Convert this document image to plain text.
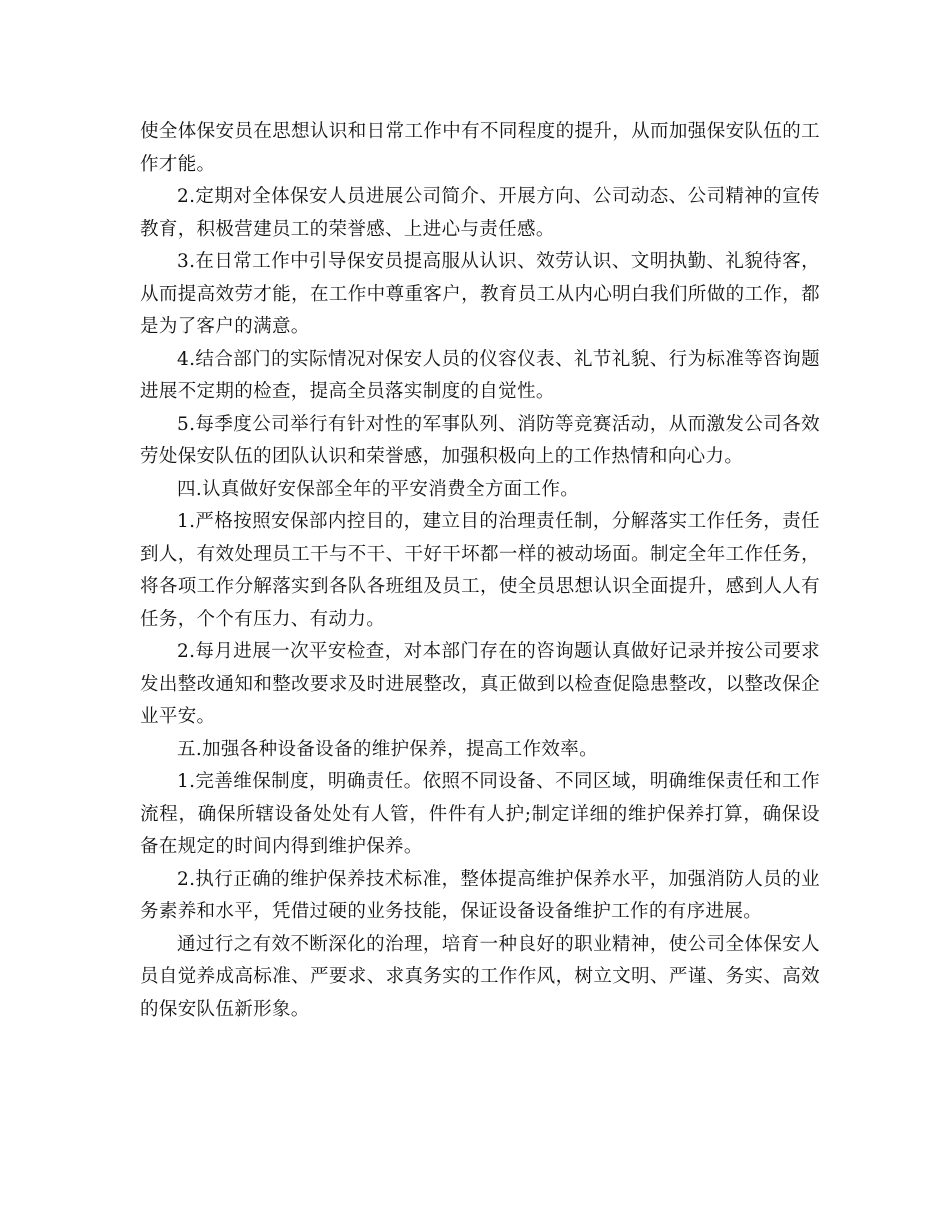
使全体保安员在思想认识和日常工作中有不同程度的提升，从而加强保安队伍的工作才能。

2.定期对全体保安人员进展公司简介、开展方向、公司动态、公司精神的宣传教育，积极营建员工的荣誉感、上进心与责任感。

3.在日常工作中引导保安员提高服从认识、效劳认识、文明执勤、礼貌待客，从而提高效劳才能，在工作中尊重客户，教育员工从内心明白我们所做的工作，都是为了客户的满意。

4.结合部门的实际情况对保安人员的仪容仪表、礼节礼貌、行为标准等咨询题进展不定期的检查，提高全员落实制度的自觉性。

5.每季度公司举行有针对性的军事队列、消防等竞赛活动，从而激发公司各效劳处保安队伍的团队认识和荣誉感，加强积极向上的工作热情和向心力。

四.认真做好安保部全年的平安消费全方面工作。

1.严格按照安保部内控目的，建立目的治理责任制，分解落实工作任务，责任到人，有效处理员工干与不干、干好干坏都一样的被动场面。制定全年工作任务，将各项工作分解落实到各队各班组及员工，使全员思想认识全面提升，感到人人有任务，个个有压力、有动力。

2.每月进展一次平安检查，对本部门存在的咨询题认真做好记录并按公司要求发出整改通知和整改要求及时进展整改，真正做到以检查促隐患整改，以整改保企业平安。

五.加强各种设备设备的维护保养，提高工作效率。

1.完善维保制度，明确责任。依照不同设备、不同区域，明确维保责任和工作流程，确保所辖设备处处有人管，件件有人护;制定详细的维护保养打算，确保设备在规定的时间内得到维护保养。

2.执行正确的维护保养技术标准，整体提高维护保养水平，加强消防人员的业务素养和水平，凭借过硬的业务技能，保证设备设备维护工作的有序进展。

通过行之有效不断深化的治理，培育一种良好的职业精神，使公司全体保安人员自觉养成高标准、严要求、求真务实的工作作风，树立文明、严谨、务实、高效的保安队伍新形象。
